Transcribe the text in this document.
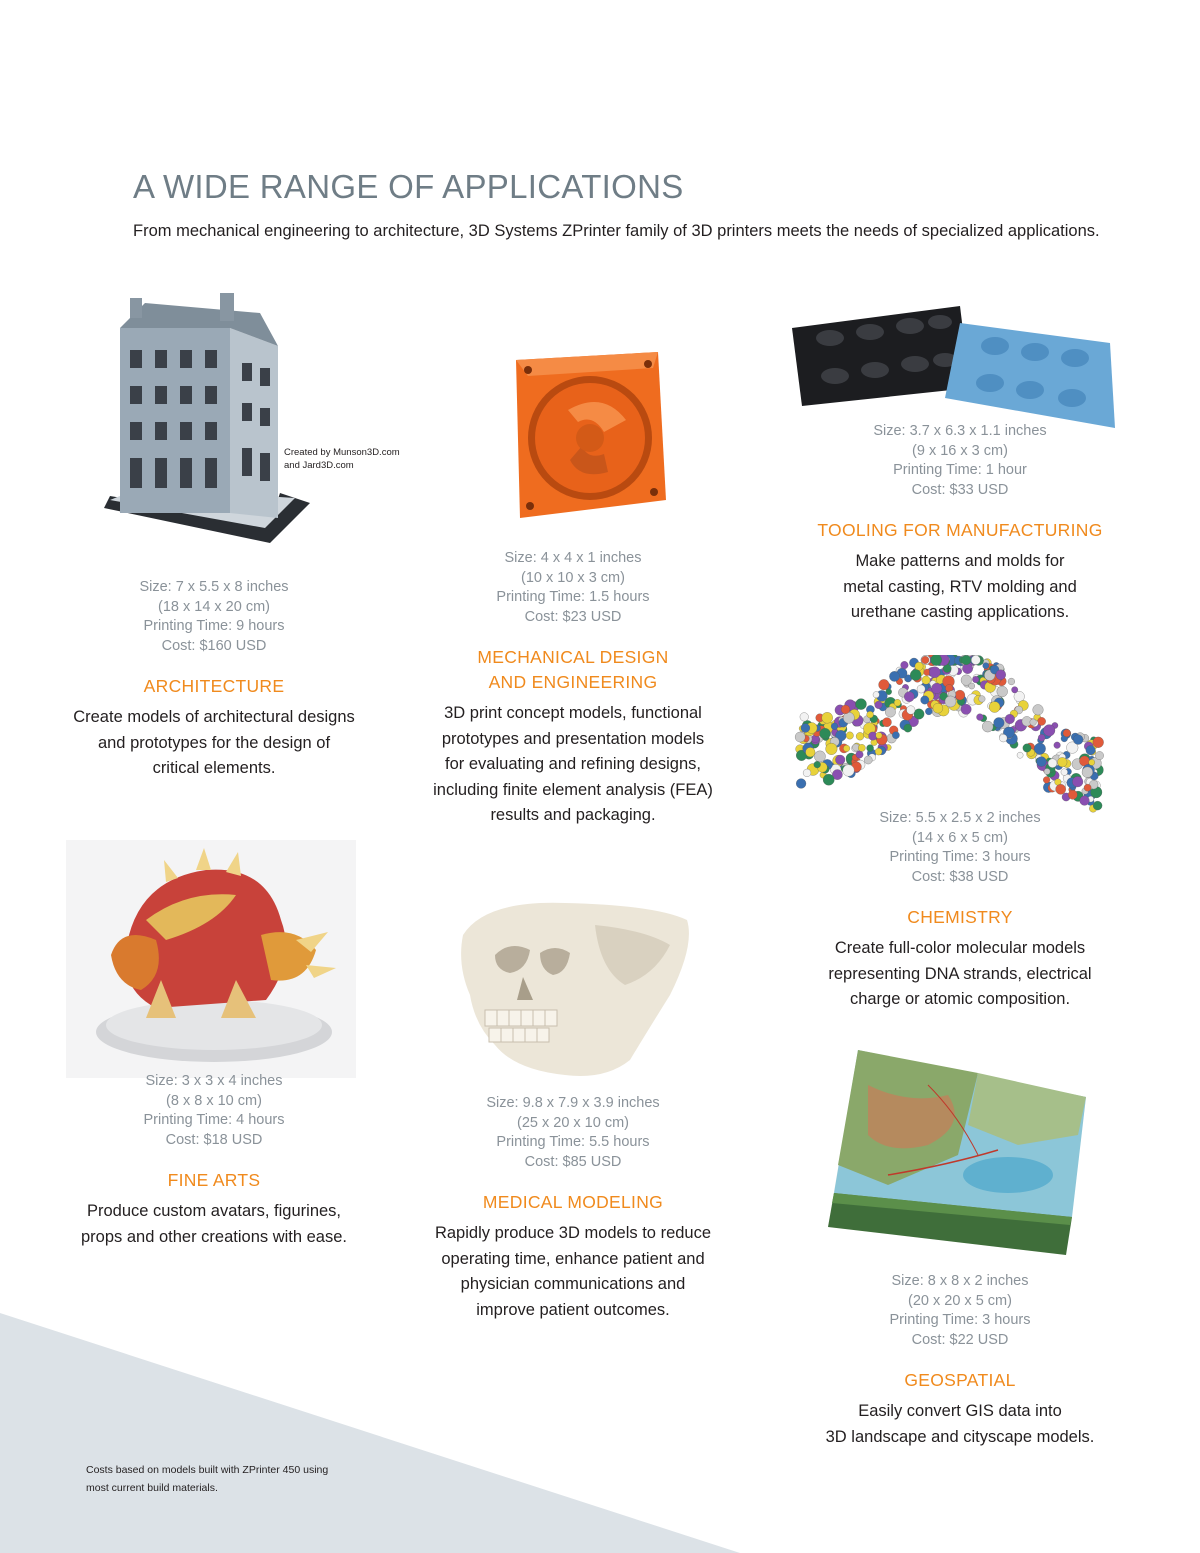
A WIDE RANGE OF APPLICATIONS

From mechanical engineering to architecture, 3D Systems ZPrinter family of 3D printers meets the needs of specialized applications.

Created by Munson3D.com
and Jard3D.com
Size: 7 x 5.5 x 8 inches
(18 x 14 x 20 cm)
Printing Time: 9 hours
Cost: $160 USD
ARCHITECTURE
Create models of architectural designs
and prototypes for the design of
critical elements.
Size: 4 x 4 x 1 inches
(10 x 10 x 3 cm)
Printing Time: 1.5 hours
Cost: $23 USD
MECHANICAL DESIGN
AND ENGINEERING
3D print concept models, functional
prototypes and presentation models
for evaluating and refining designs,
including finite element analysis (FEA)
results and packaging.
Size: 3.7 x 6.3 x 1.1 inches
(9 x 16 x 3 cm)
Printing Time: 1 hour
Cost: $33 USD
TOOLING FOR MANUFACTURING
Make patterns and molds for
metal casting, RTV molding and
urethane casting applications.
Size: 5.5 x 2.5 x 2 inches
(14 x 6 x 5 cm)
Printing Time: 3 hours
Cost: $38 USD
CHEMISTRY
Create full-color molecular models
representing DNA strands, electrical
charge or atomic composition.
Size: 3 x 3 x 4 inches
(8 x 8 x 10 cm)
Printing Time: 4 hours
Cost: $18 USD
FINE ARTS
Produce custom avatars, figurines,
props and other creations with ease.
Size: 9.8 x 7.9 x 3.9 inches
(25 x 20 x 10 cm)
Printing Time: 5.5 hours
Cost: $85 USD
MEDICAL MODELING
Rapidly produce 3D models to reduce
operating time, enhance patient and
physician communications and
improve patient outcomes.
Size: 8 x 8 x 2 inches
(20 x 20 x 5 cm)
Printing Time: 3 hours
Cost: $22 USD
GEOSPATIAL
Easily convert GIS data into
3D landscape and cityscape models.
Costs based on models built with ZPrinter 450 using
most current build materials.
